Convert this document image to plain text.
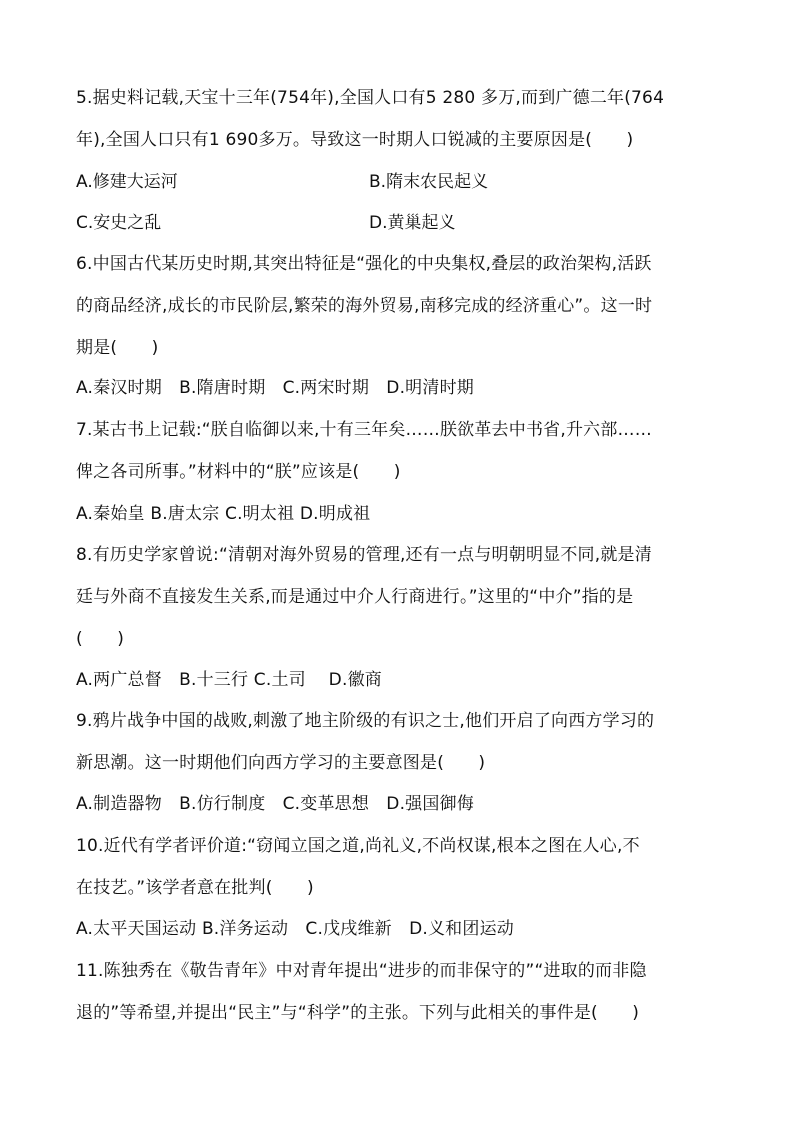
5.据史料记载,天宝十三年(754年),全国人口有5 280 多万,而到广德二年(764
年),全国人口只有1 690多万。导致这一时期人口锐减的主要原因是(　　)
A.修建大运河	B.隋末农民起义
C.安史之乱	D.黄巢起义
6.中国古代某历史时期,其突出特征是“强化的中央集权,叠层的政治架构,活跃
的商品经济,成长的市民阶层,繁荣的海外贸易,南移完成的经济重心”。这一时
期是(　　)
A.秦汉时期　B.隋唐时期　C.两宋时期　D.明清时期
7.某古书上记载:“朕自临御以来,十有三年矣……朕欲革去中书省,升六部……
俾之各司所事。”材料中的“朕”应该是(　　)
A.秦始皇 B.唐太宗 C.明太祖 D.明成祖
8.有历史学家曾说:“清朝对海外贸易的管理,还有一点与明朝明显不同,就是清
廷与外商不直接发生关系,而是通过中介人行商进行。”这里的“中介”指的是
(　　)
A.两广总督　B.十三行 C.土司　 D.徽商
9.鸦片战争中国的战败,刺激了地主阶级的有识之士,他们开启了向西方学习的
新思潮。这一时期他们向西方学习的主要意图是(　　)
A.制造器物　B.仿行制度　C.变革思想　D.强国御侮
10.近代有学者评价道:“窃闻立国之道,尚礼义,不尚权谋,根本之图在人心,不
在技艺。”该学者意在批判(　　)
A.太平天国运动 B.洋务运动　C.戊戌维新　D.义和团运动
11.陈独秀在《敬告青年》中对青年提出“进步的而非保守的”“进取的而非隐
退的”等希望,并提出“民主”与“科学”的主张。下列与此相关的事件是(　　)
